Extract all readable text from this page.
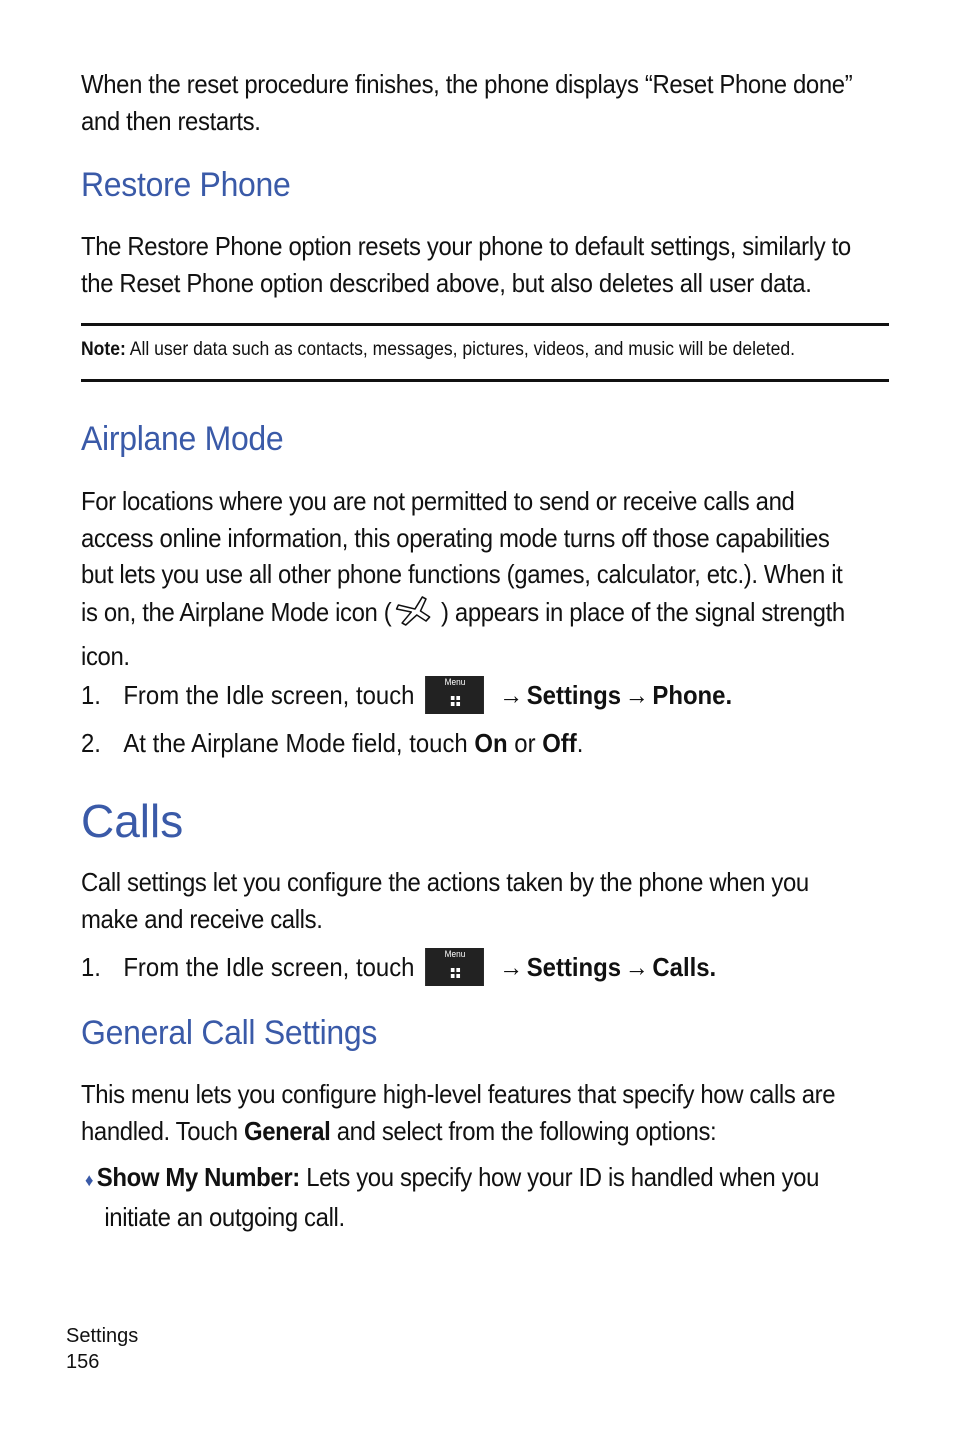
When the reset procedure finishes, the phone displays “Reset Phone done”
and then restarts.

Restore Phone

The Restore Phone option resets your phone to default settings, similarly to
the Reset Phone option described above, but also deletes all user data.

Note: All user data such as contacts, messages, pictures, videos, and music will be deleted.
Airplane Mode

For locations where you are not permitted to send or receive calls and
access online information, this operating mode turns off those capabilities
but lets you use all other phone functions (games, calculator, etc.). When it
is on, the Airplane Mode icon ( ) appears in place of the signal strength
icon.

1. From the Idle screen, touch	Menu	→ Settings → Phone.
2. At the Airplane Mode field, touch
On
or
Off .
Calls

Call settings let you configure the actions taken by the phone when you
make and receive calls.

1. From the Idle screen, touch	Menu	→ Settings → Calls.
General Call Settings

This menu lets you configure high-level features that specify how calls are
handled. Touch General and select from the following options:

♦ Show My Number: Lets you specify how your ID is handled when you
initiate an outgoing call.

Settings
156
